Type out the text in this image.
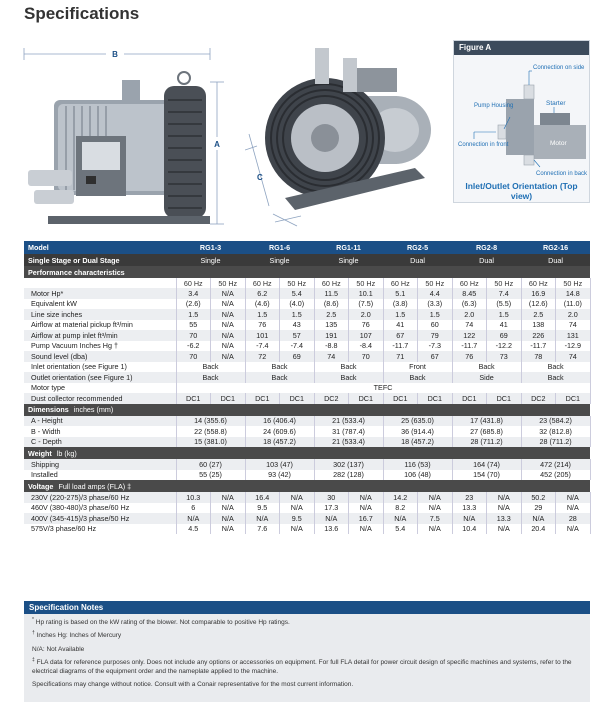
Specifications
B
A
C
Figure A
Connection on side
Pump Housing	Starter
Motor
Connection in front
Connection in back
Inlet/Outlet Orientation (Top view)
Model	RG1-3		RG1-6		RG1-11		RG2-5		RG2-8		RG2-16	
Single Stage or Dual Stage	Single		Single		Single		Dual		Dual		Dual	
Performance characteristics												
	60 Hz	50 Hz	60 Hz	50 Hz	60 Hz	50 Hz	60 Hz	50 Hz	60 Hz	50 Hz	60 Hz	50 Hz
Motor Hp*	3.4	N/A	6.2	5.4	11.5	10.1	5.1	4.4	8.45	7.4	16.9	14.8
Equivalent kW	(2.6)	N/A	(4.6)	(4.0)	(8.6)	(7.5)	(3.8)	(3.3)	(6.3)	(5.5)	(12.6)	(11.0)
Line size inches	1.5	N/A	1.5	1.5	2.5	2.0	1.5	1.5	2.0	1.5	2.5	2.0
Airflow at material pickup ft³/min	55	N/A	76	43	135	76	41	60	74	41	138	74
Airflow at pump inlet ft³/min	70	N/A	101	57	191	107	67	79	122	69	226	131
Pump Vacuum Inches Hg †	-6.2	N/A	-7.4	-7.4	-8.8	-8.4	-11.7	-7.3	-11.7	-12.2	-11.7	-12.9
Sound level (dba)	70	N/A	72	69	74	70	71	67	76	73	78	74
Inlet orientation (see Figure 1)	Back		Back		Back		Front		Back		Back	
Outlet orientation (see Figure 1)	Back		Back		Back		Back		Side		Back	
Motor type	TEFC											
Dust collector recommended	DC1	DC1	DC1	DC1	DC2	DC1	DC1	DC1	DC1	DC1	DC2	DC1
Dimensions inches (mm)												
A - Height	14 (355.6)		16 (406.4)		21 (533.4)		25 (635.0)		17 (431.8)		23 (584.2)	
B - Width	22 (558.8)		24 (609.6)		31 (787.4)		36 (914.4)		27 (685.8)		32 (812.8)	
C - Depth	15 (381.0)		18 (457.2)		21 (533.4)		18 (457.2)		28 (711.2)		28 (711.2)	
Weight lb (kg)												
Shipping	60 (27)		103 (47)		302 (137)		116 (53)		164 (74)		472 (214)	
Installed	55 (25)		93 (42)		282 (128)		106 (48)		154 (70)		452 (205)	
Voltage Full load amps (FLA) ‡												
230V (220-275)/3 phase/60 Hz	10.3	N/A	16.4	N/A	30	N/A	14.2	N/A	23	N/A	50.2	N/A
460V (380-480)/3 phase/60 Hz	6	N/A	9.5	N/A	17.3	N/A	8.2	N/A	13.3	N/A	29	N/A
400V (345-415)/3 phase/50 Hz	N/A	N/A	N/A	9.5	N/A	16.7	N/A	7.5	N/A	13.3	N/A	28
575V/3 phase/60 Hz	4.5	N/A	7.6	N/A	13.6	N/A	5.4	N/A	10.4	N/A	20.4	N/A
Specification Notes

* Hp rating is based on the kW rating of the blower. Not comparable to positive Hp ratings.

† Inches Hg: Inches of Mercury

N/A: Not Available

‡ FLA data for reference purposes only. Does not include any options or accessories on equipment. For full FLA detail for power circuit design of specific machines and systems, refer to the electrical diagrams of the equipment order and the nameplate applied to the machine.

Specifications may change without notice. Consult with a Conair representative for the most current information.
